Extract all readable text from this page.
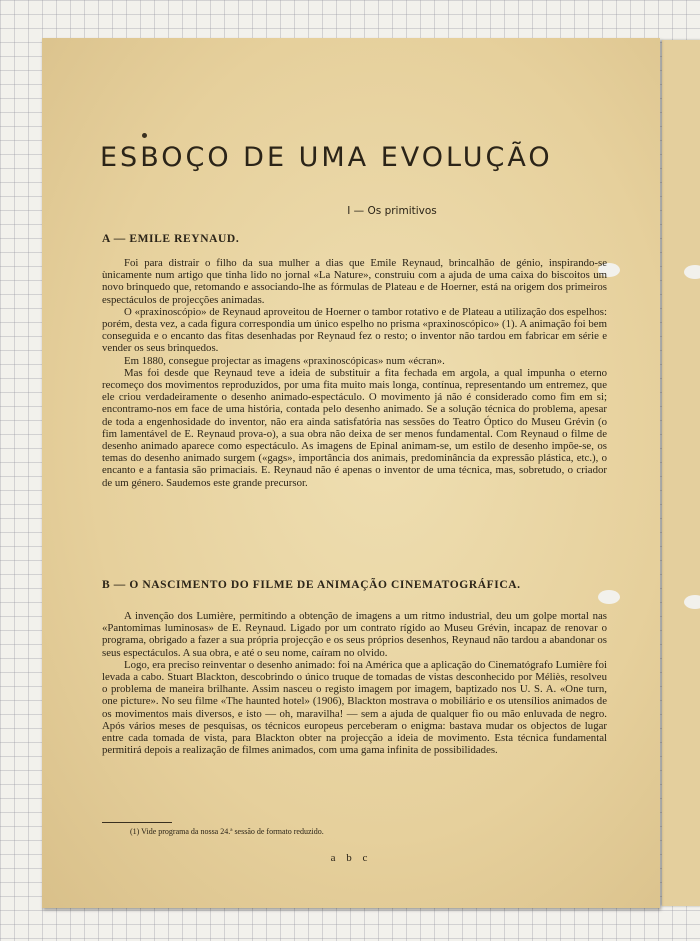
ESBOÇO DE UMA EVOLUÇÃO
I — Os primitivos
A — EMILE REYNAUD.

Foi para distrair o filho da sua mulher a dias que Emile Reynaud, brincalhão de génio, inspirando-se ùnicamente num artigo que tinha lido no jornal «La Nature», construiu com a ajuda de uma caixa do biscoitos um novo brinquedo que, retomando e associando-lhe as fórmulas de Plateau e de Hoerner, está na origem dos primeiros espectáculos de projecções animadas.

O «praxinoscópio» de Reynaud aproveitou de Hoerner o tambor rotativo e de Plateau a utilização dos espelhos: porém, desta vez, a cada figura correspondia um único espelho no prisma «praxinoscópico» (1). A animação foi bem conseguida e o encanto das fitas desenhadas por Reynaud fez o resto; o inventor não tardou em fabricar em série e vender os seus brinquedos.

Em 1880, consegue projectar as imagens «praxinoscópicas» num «écran».

Mas foi desde que Reynaud teve a ideia de substituir a fita fechada em argola, a qual impunha o eterno recomeço dos movimentos reproduzidos, por uma fita muito mais longa, contínua, representando um entremez, que ele criou verdadeiramente o desenho animado-espectáculo. O movimento já não é considerado como fim em si; encontramo-nos em face de uma história, contada pelo desenho animado. Se a solução técnica do problema, apesar de toda a engenhosidade do inventor, não era ainda satisfatória nas sessões do Teatro Óptico do Museu Grévin (o fim lamentável de E. Reynaud prova-o), a sua obra não deixa de ser menos fundamental. Com Reynaud o filme de desenho animado aparece como espectáculo. As imagens de Epinal animam-se, um estilo de desenho impõe-se, os temas do desenho animado surgem («gags», importância dos animais, predominância da expressão plástica, etc.), o encanto e a fantasia são primaciais. E. Reynaud não é apenas o inventor de uma técnica, mas, sobretudo, o criador de um género. Saudemos este grande precursor.

B — O NASCIMENTO DO FILME DE ANIMAÇÃO CINEMATOGRÁFICA.

A invenção dos Lumière, permitindo a obtenção de imagens a um ritmo industrial, deu um golpe mortal nas «Pantomimas luminosas» de E. Reynaud. Ligado por um contrato rígido ao Museu Grévin, incapaz de renovar o programa, obrigado a fazer a sua própria projecção e os seus próprios desenhos, Reynaud não tardou a abandonar os seus espectáculos. A sua obra, e até o seu nome, caíram no olvido.

Logo, era preciso reinventar o desenho animado: foi na América que a aplicação do Cinematógrafo Lumière foi levada a cabo. Stuart Blackton, descobrindo o único truque de tomadas de vistas desconhecido por Méliès, resolveu o problema de maneira brilhante. Assim nasceu o registo imagem por imagem, baptizado nos U. S. A. «One turn, one picture». No seu filme «The haunted hotel» (1906), Blackton mostrava o mobiliário e os utensílios animados de os movimentos mais diversos, e isto — oh, maravilha! — sem a ajuda de qualquer fio ou mão enluvada de negro. Após vários meses de pesquisas, os técnicos europeus perceberam o enigma: bastava mudar os objectos de lugar entre cada tomada de vista, para Blackton obter na projecção a ideia de movimento. Esta técnica fundamental permitirá depois a realização de filmes animados, com uma gama infinita de possibilidades.

(1) Vide programa da nossa 24.ª sessão de formato reduzido.

a b c
